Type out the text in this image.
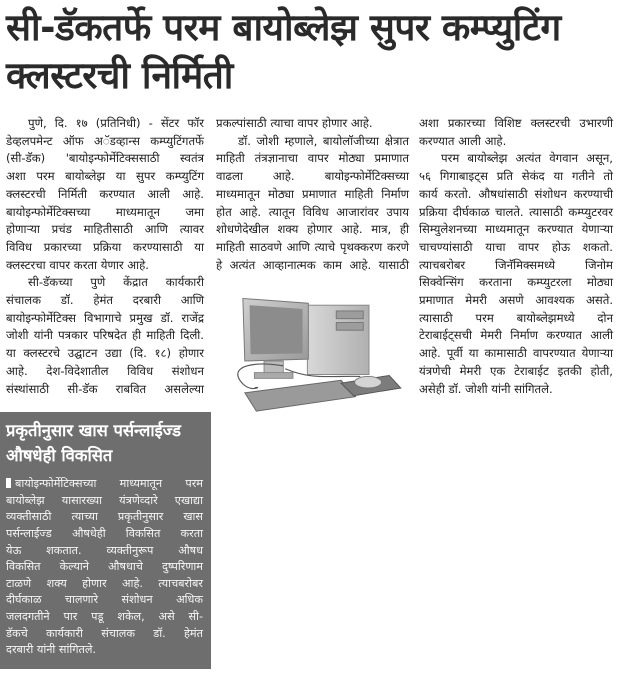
सी-डॅकतर्फे परम बायोब्लेझ सुपर कम्प्युटिंग
क्लस्टरची निर्मिती
पुणे, दि. १७ (प्रतिनिधी) - सेंटर फॉर
डेव्हलपमेन्ट ऑफ अॅडव्हान्स कम्प्युटिंगतर्फे
(सी-डॅक) 'बायोइन्फोर्मेटिक्ससाठी स्वतंत्र
अशा परम बायोब्लेझ या सुपर कम्प्युटिंग
क्लस्टरची निर्मिती करण्यात आली आहे.
बायोइन्फोर्मेटिक्सच्या माध्यमातून जमा
होणाऱ्या प्रचंड माहितीसाठी आणि त्यावर
विविध प्रकारच्या प्रक्रिया करण्यासाठी या
क्लस्टरचा वापर करता येणार आहे.
सी-डॅकच्या पुणे केंद्रात कार्यकारी
संचालक डॉ. हेमंत दरबारी आणि
बायोइन्फोर्मेटिक्स विभागाचे प्रमुख डॉ. राजेंद्र
जोशी यांनी पत्रकार परिषदेत ही माहिती दिली.
या क्लस्टरचे उद्घाटन उद्या (दि. १८) होणार
आहे. देश-विदेशातील विविध संशोधन
संस्थांसाठी सी-डॅक राबवित असलेल्या
प्रकृतीनुसार खास पर्सन्लाईज्ड
औषधेही विकसित
बायोइन्फोर्मेटिक्सच्या माध्यमातून परम
बायोब्लेझ यासारख्या यंत्रणेव्दारे एखाद्या
व्यक्तीसाठी त्याच्या प्रकृतीनुसार खास
पर्सन्लाईज्ड औषधेही विकसित करता
येऊ शकतात. व्यक्तीनुरूप औषध
विकसित केल्याने औषधाचे दुष्परिणाम
टाळणे शक्य होणार आहे. त्याचबरोबर
दीर्घकाळ चालणारे संशोधन अधिक
जलदगतीने पार पडू शकेल, असे सी-
डॅकचे कार्यकारी संचालक डॉ. हेमंत
दरबारी यांनी सांगितले.
प्रकल्पांसाठी त्याचा वापर होणार आहे.
डॉ. जोशी म्हणाले, बायोलॉजीच्या क्षेत्रात
माहिती तंत्रज्ञानाचा वापर मोठ्या प्रमाणात
वाढला आहे. बायोइन्फोर्मेटिक्सच्या
माध्यमातून मोठ्या प्रमाणात माहिती निर्माण
होत आहे. त्यातून विविध आजारांवर उपाय
शोधणेदेखील शक्य होणार आहे. मात्र, ही
माहिती साठवणे आणि त्याचे पृथक्करण करणे
हे अत्यंत आव्हानात्मक काम आहे. यासाठी
अशा प्रकारच्या विशिष्ट क्लस्टरची उभारणी
करण्यात आली आहे.
परम बायोब्लेझ अत्यंत वेगवान असून,
५६ गिगाबाइट्स प्रति सेकंद या गतीने तो
कार्य करतो. औषधांसाठी संशोधन करण्याची
प्रक्रिया दीर्घकाळ चालते. त्यासाठी कम्प्युटरवर
सिम्युलेशनच्या माध्यमातून करण्यात येणाऱ्या
चाचण्यांसाठी याचा वापर होऊ शकतो.
त्याचबरोबर जिनॅमिक्समध्ये जिनोम
सिक्वेन्सिंग करताना कम्प्युटरला मोठ्या
प्रमाणात मेमरी असणे आवश्यक असते.
त्यासाठी परम बायोब्लेझमध्ये दोन
टेराबाईट्सची मेमरी निर्माण करण्यात आली
आहे. पूर्वी या कामासाठी वापरण्यात येणाऱ्या
यंत्रणेची मेमरी एक टेराबाईट इतकी होती,
असेही डॉ. जोशी यांनी सांगितले.
